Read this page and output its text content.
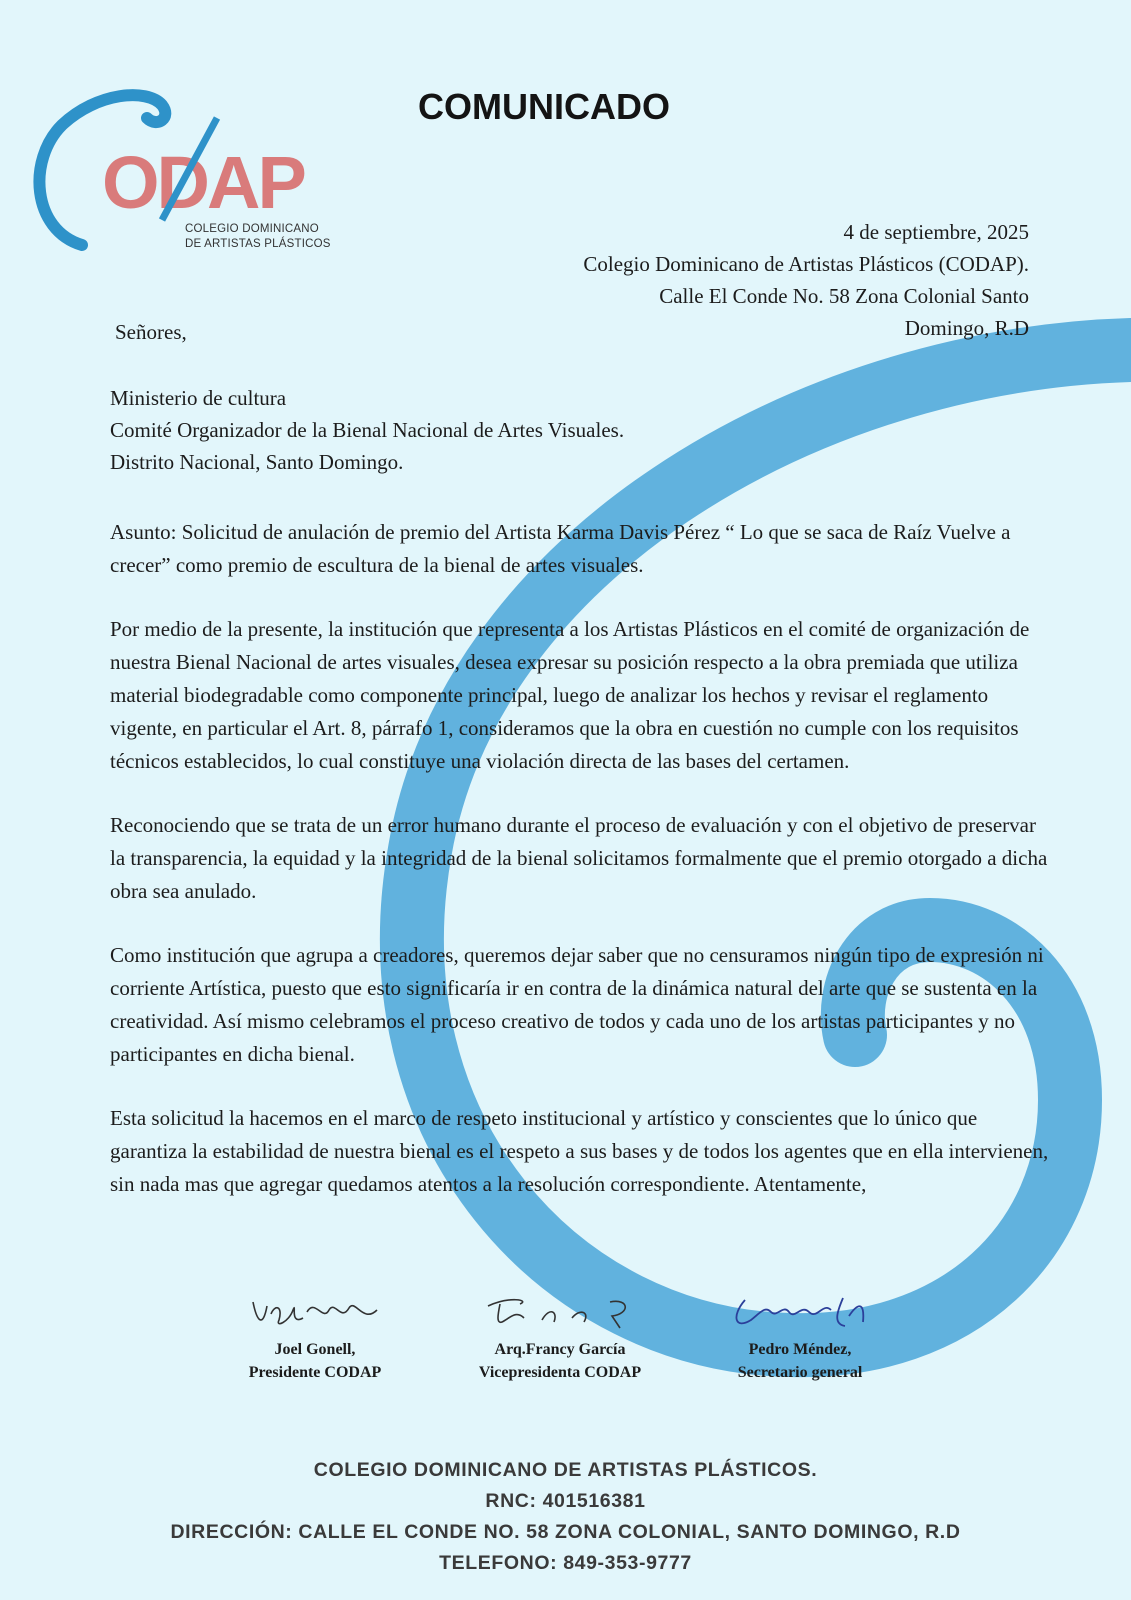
ODAP
COLEGIO DOMINICANO
DE ARTISTAS PLÁSTICOS
COMUNICADO
4 de septiembre, 2025
Colegio Dominicano de Artistas Plásticos (CODAP).
Calle El Conde No. 58 Zona Colonial Santo
Domingo, R.D
Señores,
Ministerio de cultura
Comité Organizador de la Bienal Nacional de Artes Visuales.
Distrito Nacional, Santo Domingo.

Asunto: Solicitud de anulación de premio del Artista Karma Davis Pérez “ Lo que se saca de Raíz Vuelve a crecer” como premio de escultura de la bienal de artes visuales.

Por medio de la presente, la institución que representa a los Artistas Plásticos en el comité de organización de nuestra Bienal Nacional de artes visuales, desea expresar su posición respecto a la obra premiada que utiliza material biodegradable como componente principal, luego de analizar los hechos y revisar el reglamento vigente, en particular el Art. 8, párrafo 1, consideramos que la obra en cuestión no cumple con los requisitos técnicos establecidos, lo cual constituye una violación directa de las bases del certamen.

Reconociendo que se trata de un error humano durante el proceso de evaluación y con el objetivo de preservar la transparencia, la equidad y la integridad de la bienal solicitamos formalmente que el premio otorgado a dicha obra sea anulado.

Como institución que agrupa a creadores, queremos dejar saber que no censuramos ningún tipo de expresión ni corriente Artística, puesto que esto significaría ir en contra de la dinámica natural del arte que se sustenta en la creatividad. Así mismo celebramos el proceso creativo de todos y cada uno de los artistas participantes y no participantes en dicha bienal.

Esta solicitud la hacemos en el marco de respeto institucional y artístico y conscientes que lo único que garantiza la estabilidad de nuestra bienal es el respeto a sus bases y de todos los agentes que en ella intervienen, sin nada mas que agregar quedamos atentos a la resolución correspondiente. Atentamente,

Joel Gonell,
Presidente CODAP
Arq.Francy García
Vicepresidenta CODAP
Pedro Méndez,
Secretario general
COLEGIO DOMINICANO DE ARTISTAS PLÁSTICOS.
RNC: 401516381
DIRECCIÓN: CALLE EL CONDE NO. 58 ZONA COLONIAL, SANTO DOMINGO, R.D
TELEFONO: 849-353-9777
